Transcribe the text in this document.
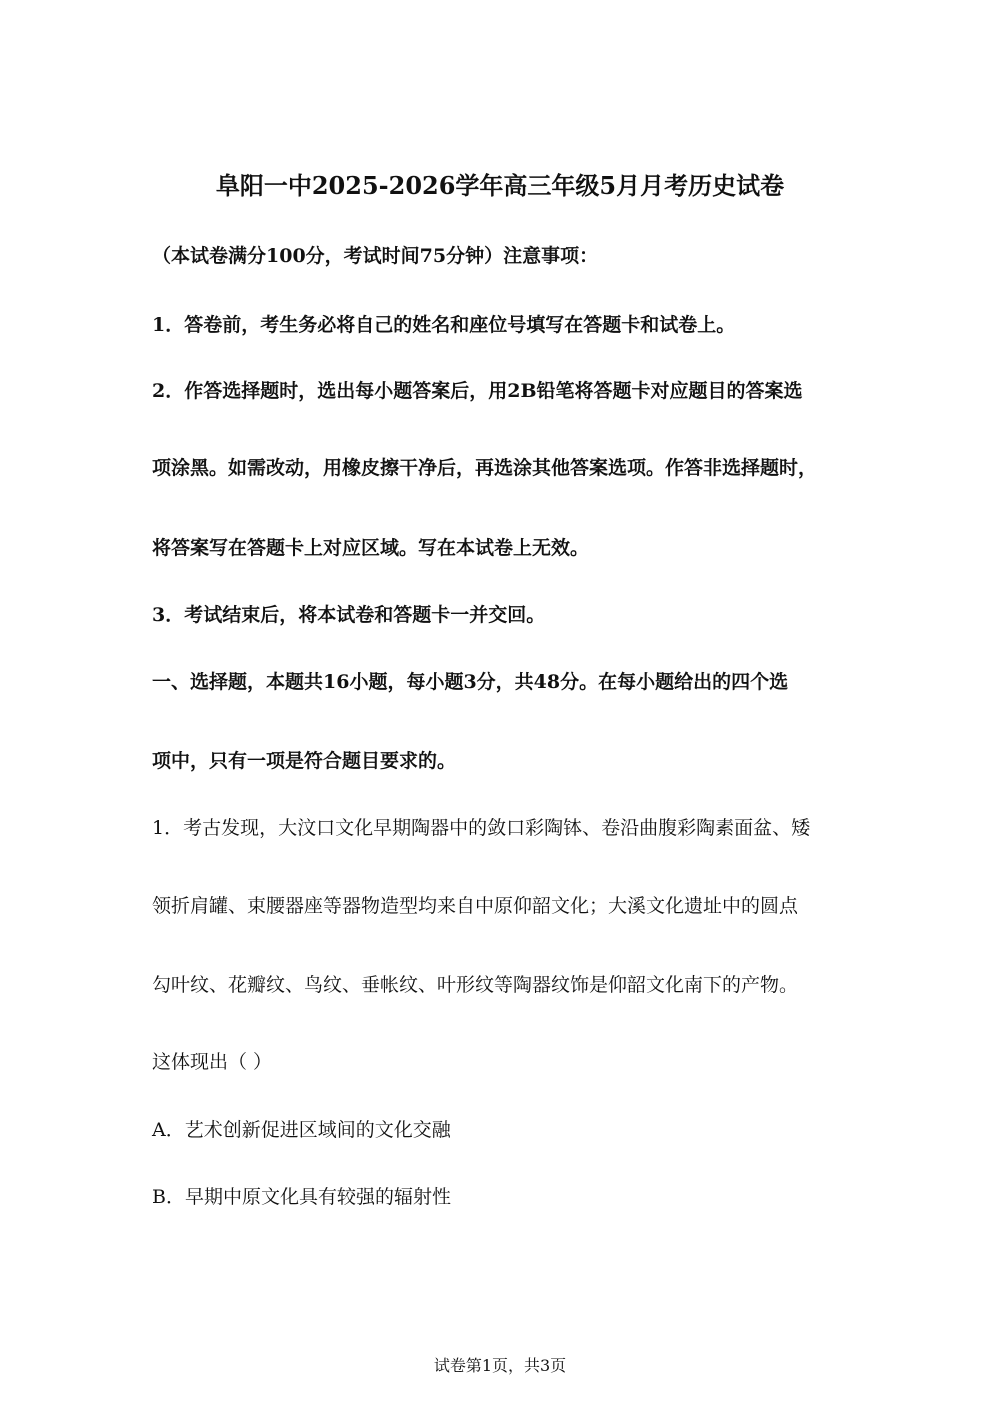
阜阳一中2025-2026学年高三年级5月月考历史试卷
（本试卷满分100分，考试时间75分钟）注意事项：
1．答卷前，考生务必将自己的姓名和座位号填写在答题卡和试卷上。
2．作答选择题时，选出每小题答案后，用2B铅笔将答题卡对应题目的答案选
项涂黑。如需改动，用橡皮擦干净后，再选涂其他答案选项。作答非选择题时，
将答案写在答题卡上对应区域。写在本试卷上无效。
3．考试结束后，将本试卷和答题卡一并交回。
一、选择题，本题共16小题，每小题3分，共48分。在每小题给出的四个选
项中，只有一项是符合题目要求的。
1．考古发现，大汶口文化早期陶器中的敛口彩陶钵、卷沿曲腹彩陶素面盆、矮
领折肩罐、束腰器座等器物造型均来自中原仰韶文化；大溪文化遗址中的圆点
勾叶纹、花瓣纹、鸟纹、垂帐纹、叶形纹等陶器纹饰是仰韶文化南下的产物。
这体现出（ ）
A．艺术创新促进区域间的文化交融
B．早期中原文化具有较强的辐射性
试卷第1页，共3页
